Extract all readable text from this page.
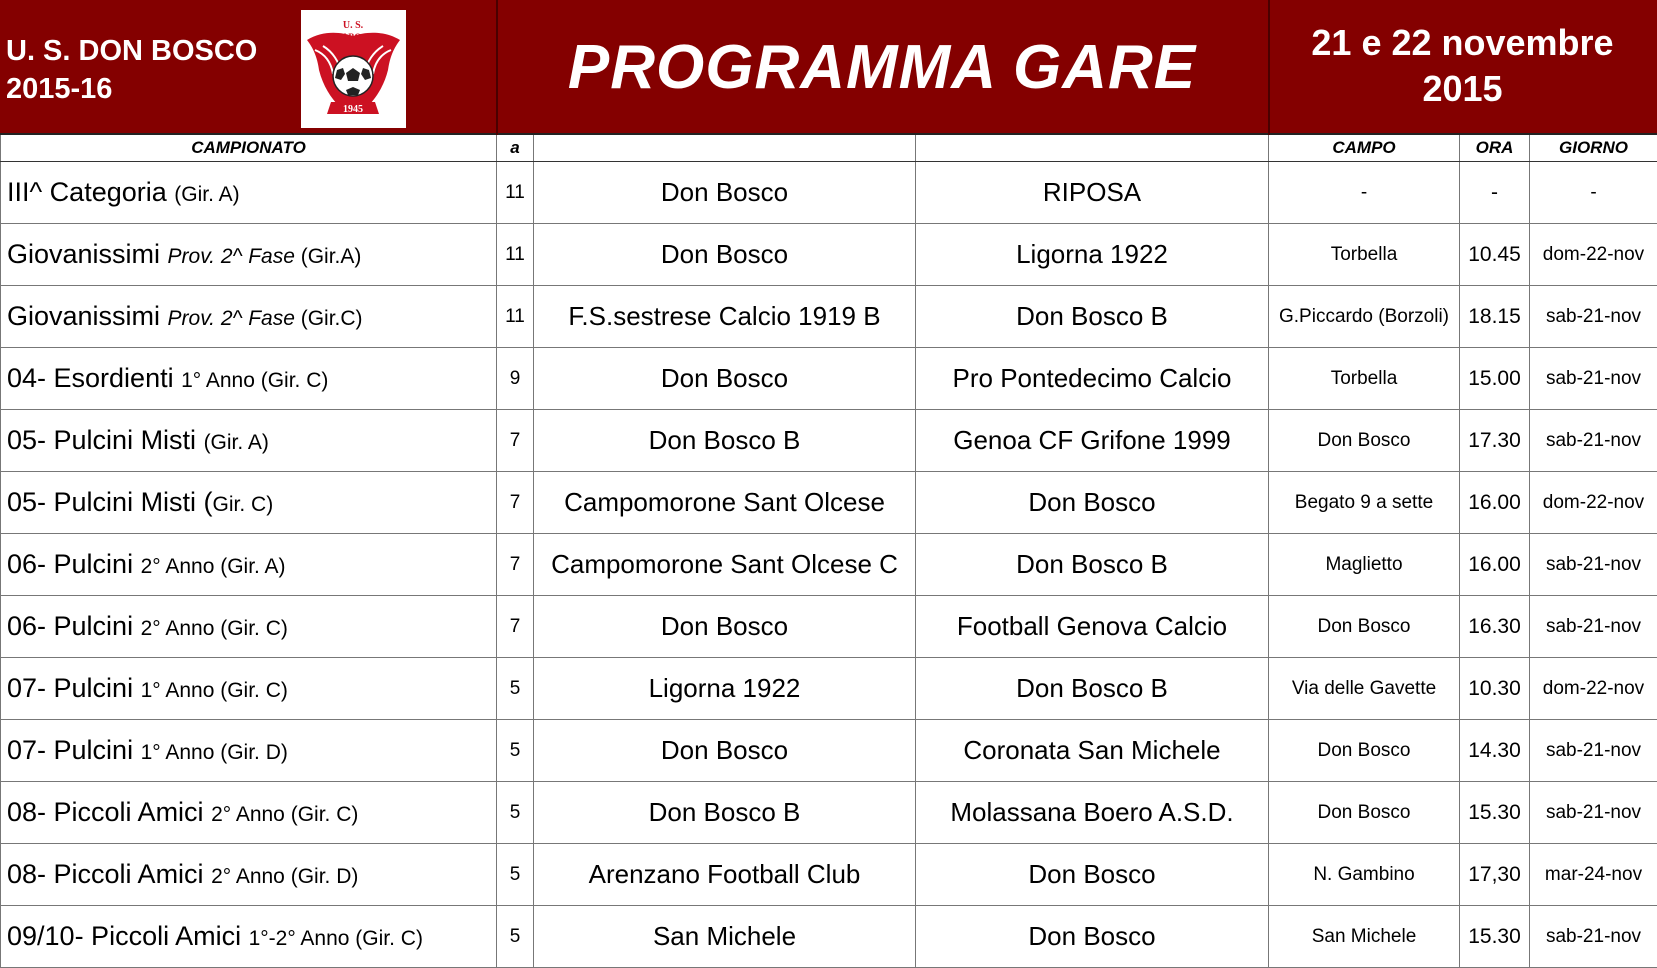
U. S. DON BOSCO
2015-16
U. S.
DON BOSCO
1945
PROGRAMMA GARE	21 e 22 novembre
2015
CAMPIONATO	a			CAMPO	ORA	GIORNO
III^ Categoria (Gir. A)	11	Don Bosco	RIPOSA	-	-	-
Giovanissimi Prov. 2^ Fase (Gir.A)	11	Don Bosco	Ligorna 1922	Torbella	10.45	dom-22-nov
Giovanissimi Prov. 2^ Fase (Gir.C)	11	F.S.sestrese Calcio 1919 B	Don Bosco B	G.Piccardo (Borzoli)	18.15	sab-21-nov
04- Esordienti 1° Anno (Gir. C)	9	Don Bosco	Pro Pontedecimo Calcio	Torbella	15.00	sab-21-nov
05- Pulcini Misti (Gir. A)	7	Don Bosco B	Genoa CF Grifone 1999	Don Bosco	17.30	sab-21-nov
05- Pulcini Misti (Gir. C)	7	Campomorone Sant Olcese	Don Bosco	Begato 9 a sette	16.00	dom-22-nov
06- Pulcini 2° Anno (Gir. A)	7	Campomorone Sant Olcese C	Don Bosco B	Maglietto	16.00	sab-21-nov
06- Pulcini 2° Anno (Gir. C)	7	Don Bosco	Football Genova Calcio	Don Bosco	16.30	sab-21-nov
07- Pulcini 1° Anno (Gir. C)	5	Ligorna 1922	Don Bosco B	Via delle Gavette	10.30	dom-22-nov
07- Pulcini 1° Anno (Gir. D)	5	Don Bosco	Coronata San Michele	Don Bosco	14.30	sab-21-nov
08- Piccoli Amici 2° Anno (Gir. C)	5	Don Bosco B	Molassana Boero A.S.D.	Don Bosco	15.30	sab-21-nov
08- Piccoli Amici 2° Anno (Gir. D)	5	Arenzano Football Club	Don Bosco	N. Gambino	17,30	mar-24-nov
09/10- Piccoli Amici 1°-2° Anno (Gir. C)	5	San Michele	Don Bosco	San Michele	15.30	sab-21-nov
